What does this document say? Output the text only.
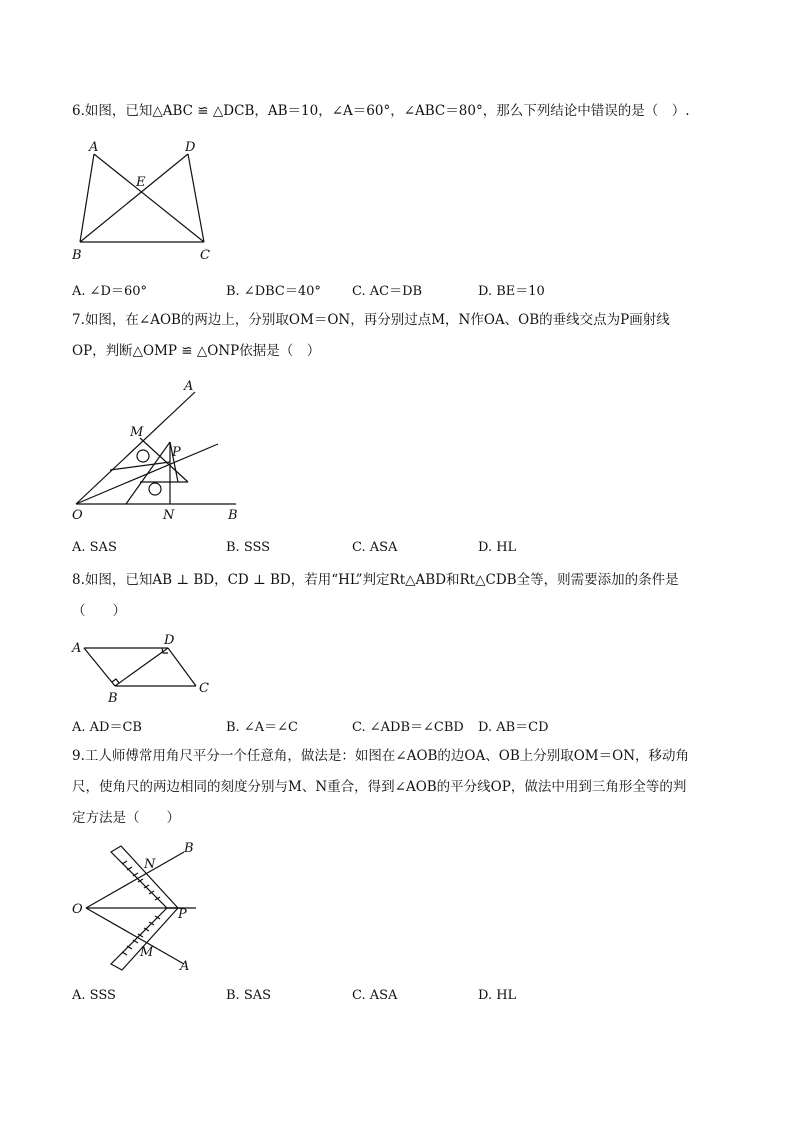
6.如图，已知△ABC ≌ △DCB，AB＝10，∠A＝60°，∠ABC＝80°，那么下列结论中错误的是（　）.
A	D
E
B	C
A. ∠D＝60°	B. ∠DBC＝40° C. AC＝DB	D. BE＝10
7.如图，在∠AOB的两边上，分别取OM＝ON，再分别过点M，N作OA、OB的垂线交点为P画射线
OP，判断△OMP ≌ △ONP依据是（　）
A
M
P
O	N	B
A. SAS	B. SSS	C. ASA	D. HL
8.如图，已知AB ⊥ BD，CD ⊥ BD，若用“HL”判定Rt△ABD和Rt△CDB全等，则需要添加的条件是
（　　）
A
D
B
C
A. AD＝CB	B. ∠A＝∠C	C. ∠ADB＝∠CBD D. AB＝CD
9.工人师傅常用角尺平分一个任意角，做法是：如图在∠AOB的边OA、OB上分别取OM＝ON，移动角
尺，使角尺的两边相同的刻度分别与M、N重合，得到∠AOB的平分线OP，做法中用到三角形全等的判
定方法是（　　）
B
N
O	P
M
A
A. SSS	B. SAS	C. ASA	D. HL
